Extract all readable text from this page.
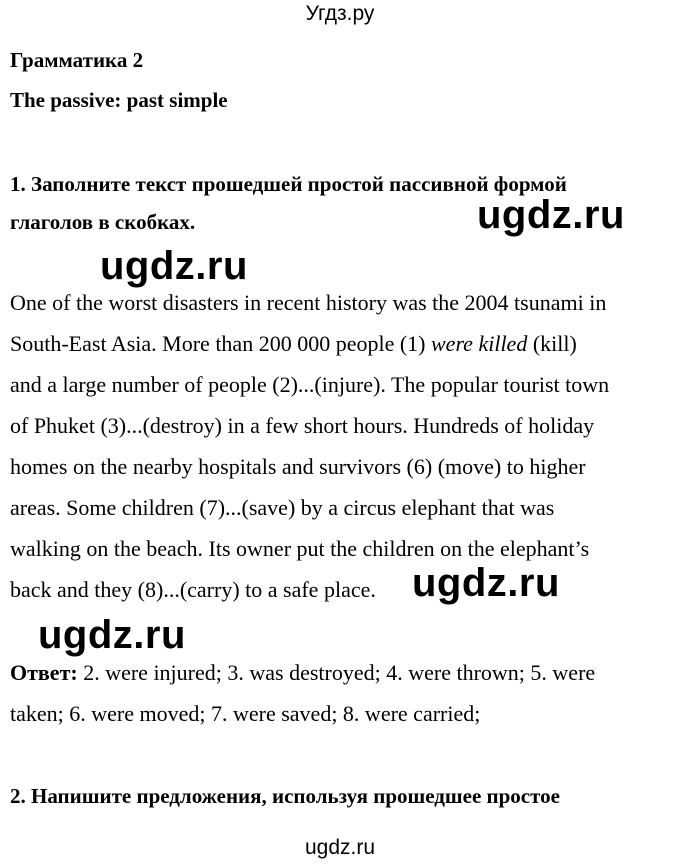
Угдз.ру
Грамматика 2
The passive: past simple
1. Заполните текст прошедшей простой пассивной формой
глаголов в скобках.	ugdz.ru
ugdz.ru
One of the worst disasters in recent history was the 2004 tsunami in
South-East Asia. More than 200 000 people (1) were killed (kill)
and a large number of people (2)...(injure). The popular tourist town
of Phuket (3)...(destroy) in a few short hours. Hundreds of holiday
homes on the nearby hospitals and survivors (6) (move) to higher
areas. Some children (7)...(save) by a circus elephant that was
walking on the beach. Its owner put the children on the elephant’s
back and they (8)...(carry) to a safe place. ugdz.ru
ugdz.ru
Ответ: 2. were injured; 3. was destroyed; 4. were thrown; 5. were
taken; 6. were moved; 7. were saved; 8. were carried;
2. Напишите предложения, используя прошедшее простое
ugdz.ru
